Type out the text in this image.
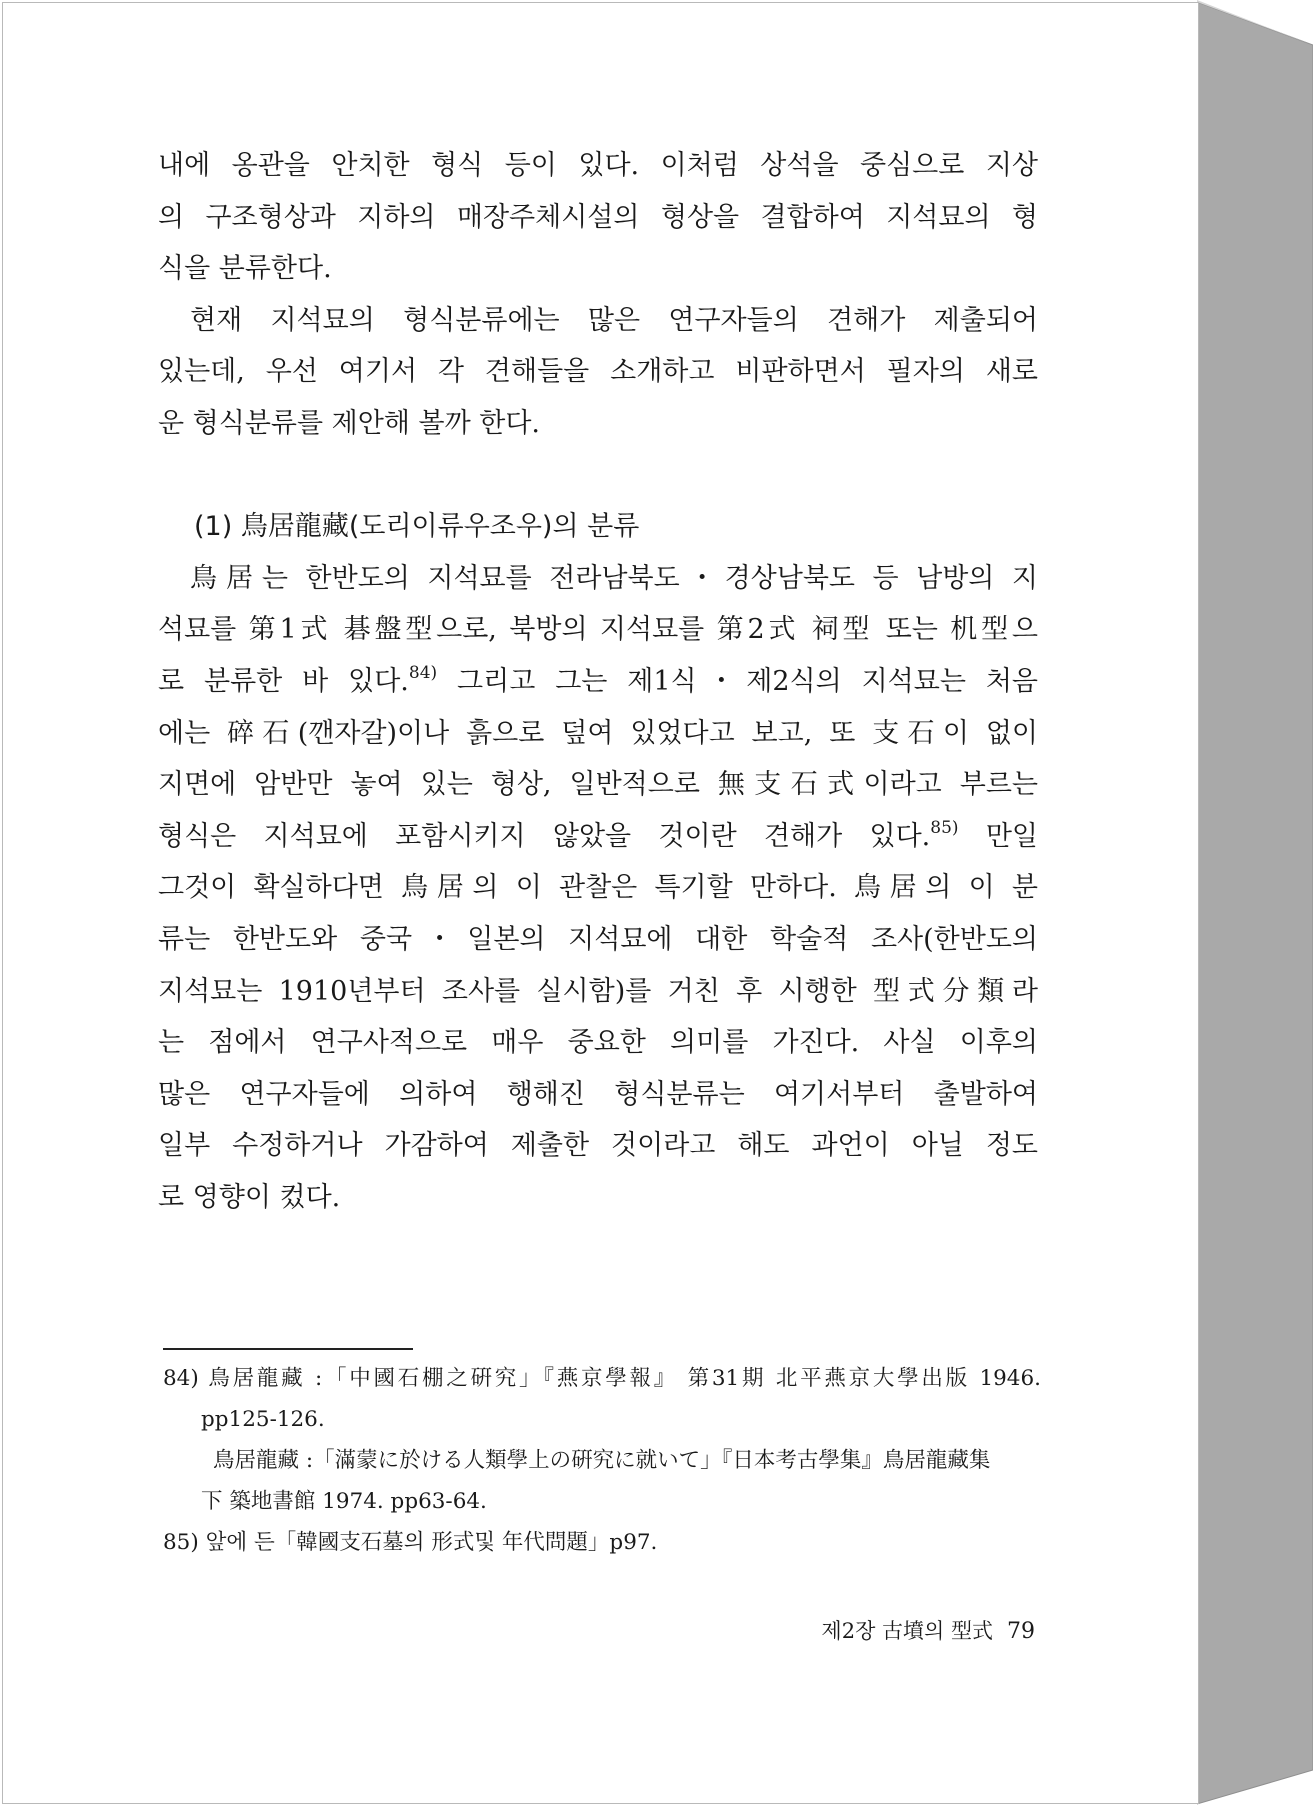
내에 옹관을 안치한 형식 등이 있다. 이처럼 상석을 중심으로 지상
의 구조형상과 지하의 매장주체시설의 형상을 결합하여 지석묘의 형
식을 분류한다.
현재 지석묘의 형식분류에는 많은 연구자들의 견해가 제출되어
있는데, 우선 여기서 각 견해들을 소개하고 비판하면서 필자의 새로
운 형식분류를 제안해 볼까 한다.
(1) 鳥居龍藏(도리이류우조우)의 분류
鳥居는 한반도의 지석묘를 전라남북도・경상남북도 등 남방의 지
석묘를 第1式 碁盤型으로, 북방의 지석묘를 第2式 祠型 또는 机型으
로 분류한 바 있다.$^{84)}$ 그리고 그는 제1식・제2식의 지석묘는 처음
에는 碎石(깬자갈)이나 흙으로 덮여 있었다고 보고, 또 支石이 없이
지면에 암반만 놓여 있는 형상, 일반적으로 無支石式이라고 부르는
형식은 지석묘에 포함시키지 않았을 것이란 견해가 있다.$^{85)}$ 만일
그것이 확실하다면 鳥居의 이 관찰은 특기할 만하다. 鳥居의 이 분
류는 한반도와 중국・일본의 지석묘에 대한 학술적 조사(한반도의
지석묘는 1910년부터 조사를 실시함)를 거친 후 시행한 型式分類라
는 점에서 연구사적으로 매우 중요한 의미를 가진다. 사실 이후의
많은 연구자들에 의하여 행해진 형식분류는 여기서부터 출발하여
일부 수정하거나 가감하여 제출한 것이라고 해도 과언이 아닐 정도
로 영향이 컸다.
84) 鳥居龍藏 :「中國石棚之硏究」『燕京學報』 第31期 北平燕京大學出版 1946.
pp125-126.
鳥居龍藏 :「滿蒙に於ける人類學上の硏究に就いて」『日本考古學集』鳥居龍藏集
下 築地書館 1974. pp63-64.
85) 앞에 든「韓國支石墓의 形式및 年代問題」p97.
제2장 古墳의 型式 79
